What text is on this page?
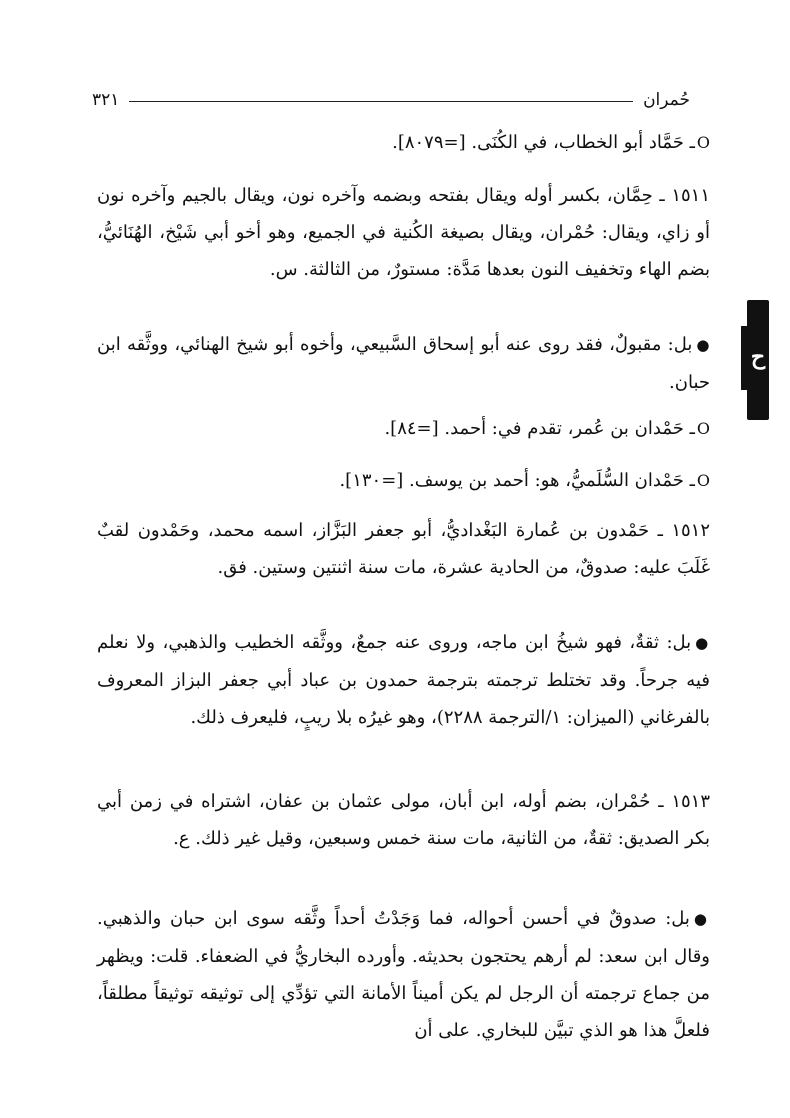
حُمران
٣٢١
ح

Oـ حَمَّاد أبو الخطاب، في الكُنَى. [=٨٠٧٩].

١٥١١ ـ حِمَّان، بكسر أوله ويقال بفتحه وبضمه وآخره نون، ويقال بالجيم وآخره نون أو زاي، ويقال: حُمْران، ويقال بصيغة الكُنية في الجميع، وهو أخو أبي شَيْخ، الهُنَائيُّ، بضم الهاء وتخفيف النون بعدها مَدَّة: مستورٌ، من الثالثة. س.

●بل: مقبولٌ، فقد روى عنه أبو إسحاق السَّبيعي، وأخوه أبو شيخ الهنائي، ووثَّقه ابن حبان.

Oـ حَمْدان بن عُمر، تقدم في: أحمد. [=٨٤].

Oـ حَمْدان السُّلَميُّ، هو: أحمد بن يوسف. [=١٣٠].

١٥١٢ ـ حَمْدون بن عُمارة البَغْداديُّ، أبو جعفر البَزَّاز، اسمه محمد، وحَمْدون لقبٌ غَلَبَ عليه: صدوقٌ، من الحادية عشرة، مات سنة اثنتين وستين. فق.

●بل: ثقةٌ، فهو شيخُ ابن ماجه، وروى عنه جمعٌ، ووثَّقه الخطيب والذهبي، ولا نعلم فيه جرحاً. وقد تختلط ترجمته بترجمة حمدون بن عباد أبي جعفر البزاز المعروف بالفرغاني (الميزان: ١/الترجمة ٢٢٨٨)، وهو غيرُه بلا ريبٍ، فليعرف ذلك.

١٥١٣ ـ حُمْران، بضم أوله، ابن أبان، مولى عثمان بن عفان، اشتراه في زمن أبي بكر الصديق: ثقةٌ، من الثانية، مات سنة خمس وسبعين، وقيل غير ذلك. ع.

●بل: صدوقٌ في أحسن أحواله، فما وَجَدْتُ أحداً وثَّقه سوى ابن حبان والذهبي. وقال ابن سعد: لم أرهم يحتجون بحديثه. وأورده البخاريُّ في الضعفاء. قلت: ويظهر من جماع ترجمته أن الرجل لم يكن أميناً الأمانة التي تؤدِّي إلى توثيقه توثيقاً مطلقاً، فلعلَّ هذا هو الذي تبيَّن للبخاري. على أن
